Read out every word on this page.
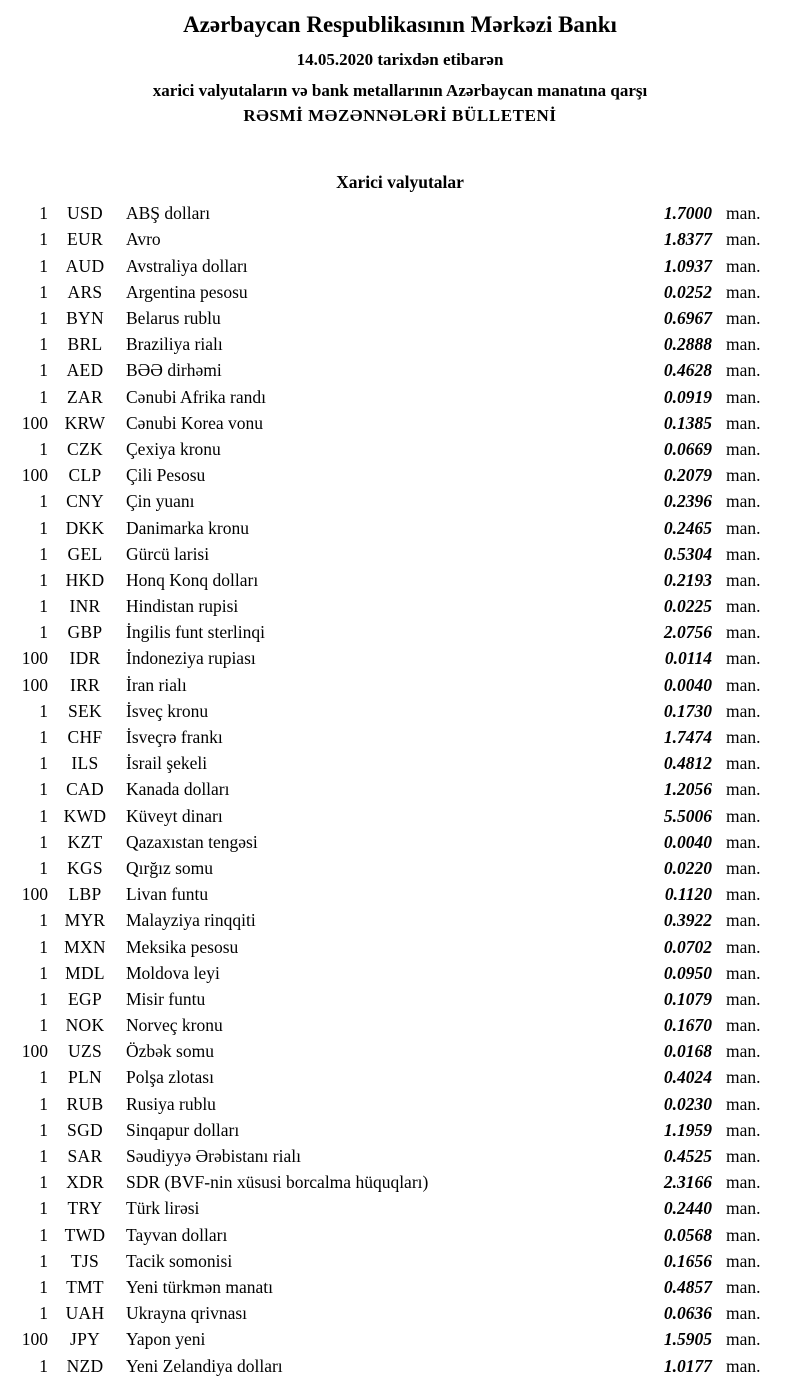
Azərbaycan Respublikasının Mərkəzi Bankı
14.05.2020 tarixdən etibarən
xarici valyutaların və bank metallarının Azərbaycan manatına qarşı
RƏSMİ MƏZƏNNƏLƏRİ BÜLLETENİ
Xarici valyutalar
1	USD	ABŞ dolları	1.7000 man.
1	EUR	Avro	1.8377 man.
1	AUD	Avstraliya dolları	1.0937 man.
1	ARS	Argentina pesosu	0.0252 man.
1	BYN	Belarus rublu	0.6967 man.
1	BRL	Braziliya rialı	0.2888 man.
1	AED	BƏƏ dirhəmi	0.4628 man.
1	ZAR	Cənubi Afrika randı	0.0919 man.
100 KRW	Cənubi Korea vonu	0.1385 man.
1	CZK	Çexiya kronu	0.0669 man.
100	CLP	Çili Pesosu	0.2079 man.
1	CNY	Çin yuanı	0.2396 man.
1	DKK	Danimarka kronu	0.2465 man.
1	GEL	Gürcü larisi	0.5304 man.
1	HKD	Honq Konq dolları	0.2193 man.
1	INR	Hindistan rupisi	0.0225 man.
1	GBP	İngilis funt sterlinqi	2.0756 man.
100	IDR	İndoneziya rupiası	0.0114 man.
100	IRR	İran rialı	0.0040 man.
1	SEK	İsveç kronu	0.1730 man.
1	CHF	İsveçrə frankı	1.7474 man.
1	ILS	İsrail şekeli	0.4812 man.
1	CAD	Kanada dolları	1.2056 man.
1 KWD	Küveyt dinarı	5.5006 man.
1	KZT	Qazaxıstan tengəsi	0.0040 man.
1	KGS	Qırğız somu	0.0220 man.
100	LBP	Livan funtu	0.1120 man.
1 MYR	Malayziya rinqqiti	0.3922 man.
1 MXN	Meksika pesosu	0.0702 man.
1 MDL	Moldova leyi	0.0950 man.
1	EGP	Misir funtu	0.1079 man.
1	NOK	Norveç kronu	0.1670 man.
100	UZS	Özbək somu	0.0168 man.
1	PLN	Polşa zlotası	0.4024 man.
1	RUB	Rusiya rublu	0.0230 man.
1	SGD	Sinqapur dolları	1.1959 man.
1	SAR	Səudiyyə Ərəbistanı rialı	0.4525 man.
1	XDR	SDR (BVF-nin xüsusi borcalma hüquqları)	2.3166 man.
1	TRY	Türk lirəsi	0.2440 man.
1 TWD	Tayvan dolları	0.0568 man.
1	TJS	Tacik somonisi	0.1656 man.
1	TMT	Yeni türkmən manatı	0.4857 man.
1	UAH	Ukrayna qrivnası	0.0636 man.
100	JPY	Yapon yeni	1.5905 man.
1	NZD	Yeni Zelandiya dolları	1.0177 man.
